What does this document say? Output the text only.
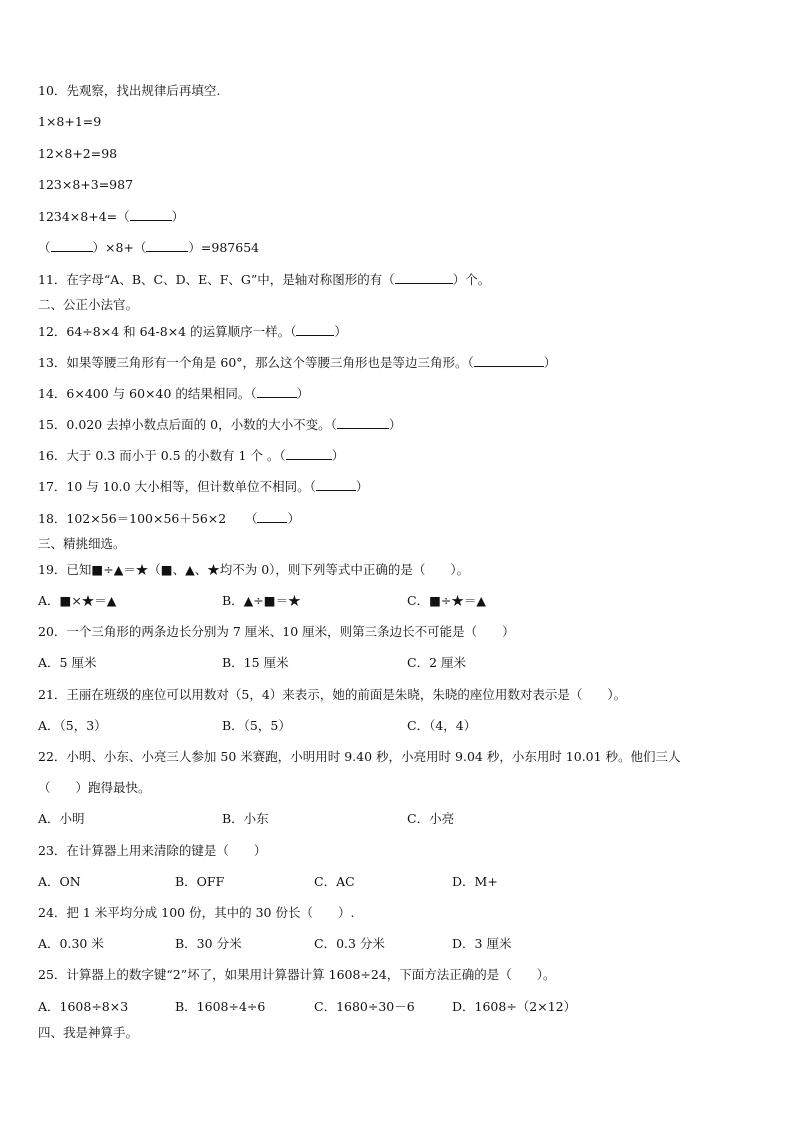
10．先观察，找出规律后再填空.
1×8+1=9
12×8+2=98
123×8+3=987
1234×8+4=（	）
（	）×8+（	）=987654
11．在字母“A、B、C、D、E、F、G”中，是轴对称图形的有（	）个。
二、公正小法官。
12．64÷8×4 和 64-8×4 的运算顺序一样。（	）
13．如果等腰三角形有一个角是 60°，那么这个等腰三角形也是等边三角形。（	）
14．6×400 与 60×40 的结果相同。（	）
15．0.020 去掉小数点后面的 0，小数的大小不变。（	）
16．大于 0.3 而小于 0.5 的小数有 1 个 。（	）
17．10 与 10.0 大小相等，但计数单位不相同。（	）
18．102×56＝100×56＋56×2　　（ ）
三、精挑细选。
19．已知■÷▲＝★（■、▲、★均不为 0），则下列等式中正确的是（　　）。
A．■×★＝▲	B．▲÷■＝★	C．■÷★＝▲
20．一个三角形的两条边长分别为 7 厘米、10 厘米，则第三条边长不可能是（　　）
A．5 厘米	B．15 厘米	C．2 厘米
21．王丽在班级的座位可以用数对（5，4）来表示，她的前面是朱晓，朱晓的座位用数对表示是（　　）。
A．（5，3）	B．（5，5）	C．（4，4）
22．小明、小东、小亮三人参加 50 米赛跑，小明用时 9.40 秒，小亮用时 9.04 秒，小东用时 10.01 秒。他们三人
（　　）跑得最快。
A．小明	B．小东	C．小亮
23．在计算器上用来清除的键是（　　）
A．ON	B．OFF	C．AC	D．M+
24．把 1 米平均分成 100 份，其中的 30 份长（　　）.
A．0.30 米	B．30 分米	C．0.3 分米	D．3 厘米
25．计算器上的数字键“2”坏了，如果用计算器计算 1608÷24，下面方法正确的是（　　）。
A．1608÷8×3	B．1608÷4÷6	C．1680÷30－6	D．1608÷（2×12）
四、我是神算手。
